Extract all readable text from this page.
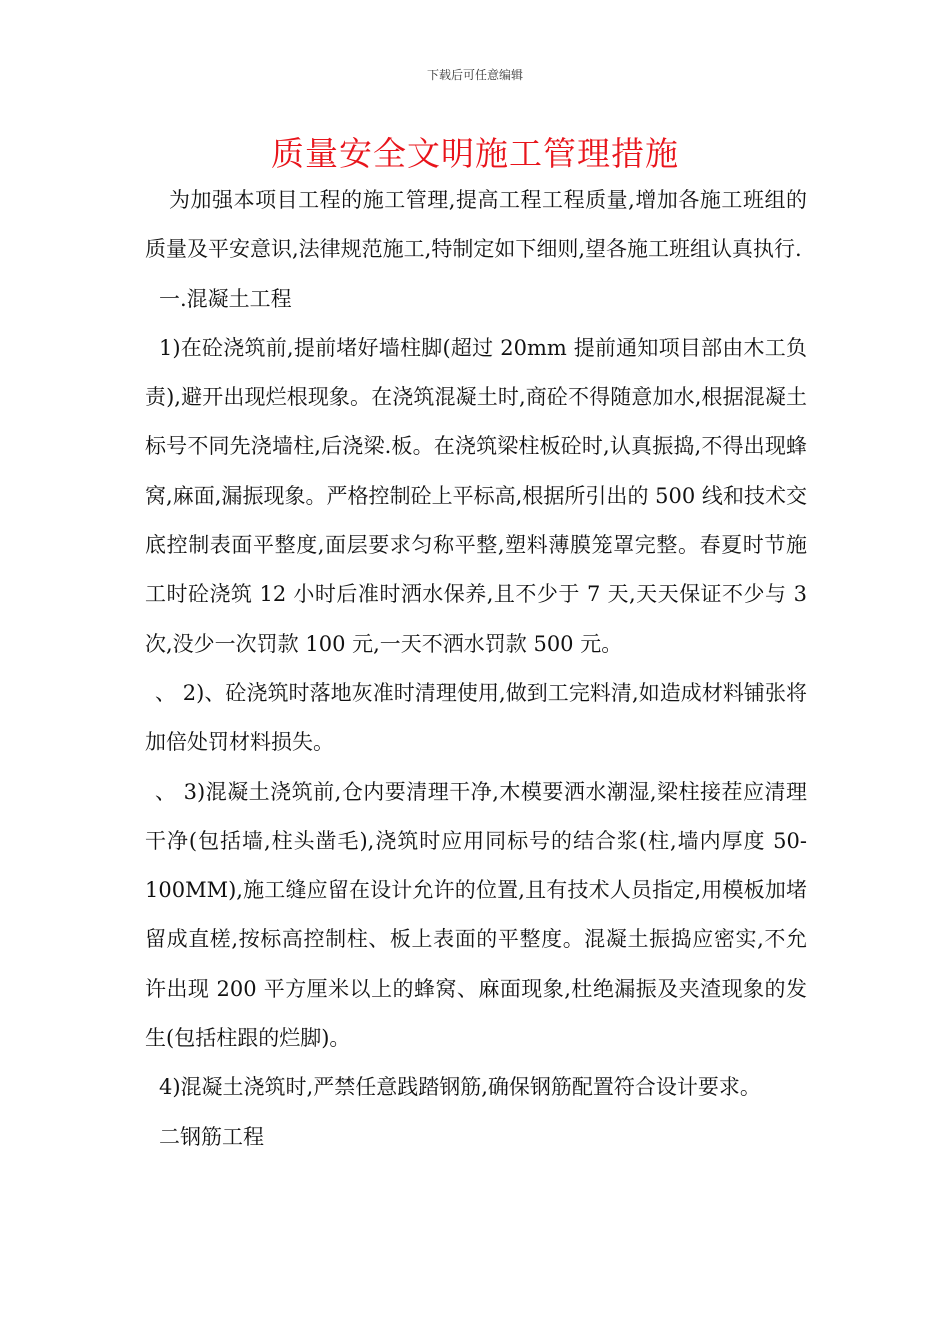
下载后可任意编辑
质量安全文明施工管理措施

为加强本项目工程的施工管理,提高工程工程质量,增加各施工班组的质量及平安意识,法律规范施工,特制定如下细则,望各施工班组认真执行.

一.混凝土工程

1)在砼浇筑前,提前堵好墙柱脚(超过 20mm 提前通知项目部由木工负责),避开出现烂根现象。在浇筑混凝土时,商砼不得随意加水,根据混凝土标号不同先浇墙柱,后浇梁.板。在浇筑梁柱板砼时,认真振捣,不得出现蜂窝,麻面,漏振现象。严格控制砼上平标高,根据所引出的 500 线和技术交底控制表面平整度,面层要求匀称平整,塑料薄膜笼罩完整。春夏时节施工时砼浇筑 12 小时后准时洒水保养,且不少于 7 天,天天保证不少与 3 次,没少一次罚款 100 元,一天不洒水罚款 500 元。

、 2)、砼浇筑时落地灰准时清理使用,做到工完料清,如造成材料铺张将加倍处罚材料损失。

、 3)混凝土浇筑前,仓内要清理干净,木模要洒水潮湿,梁柱接茬应清理干净(包括墙,柱头凿毛),浇筑时应用同标号的结合浆(柱,墙内厚度 50-100MM),施工缝应留在设计允许的位置,且有技术人员指定,用模板加堵留成直槎,按标高控制柱、板上表面的平整度。混凝土振捣应密实,不允许出现 200 平方厘米以上的蜂窝、麻面现象,杜绝漏振及夹渣现象的发生(包括柱跟的烂脚)。

4)混凝土浇筑时,严禁任意践踏钢筋,确保钢筋配置符合设计要求。

二钢筋工程
